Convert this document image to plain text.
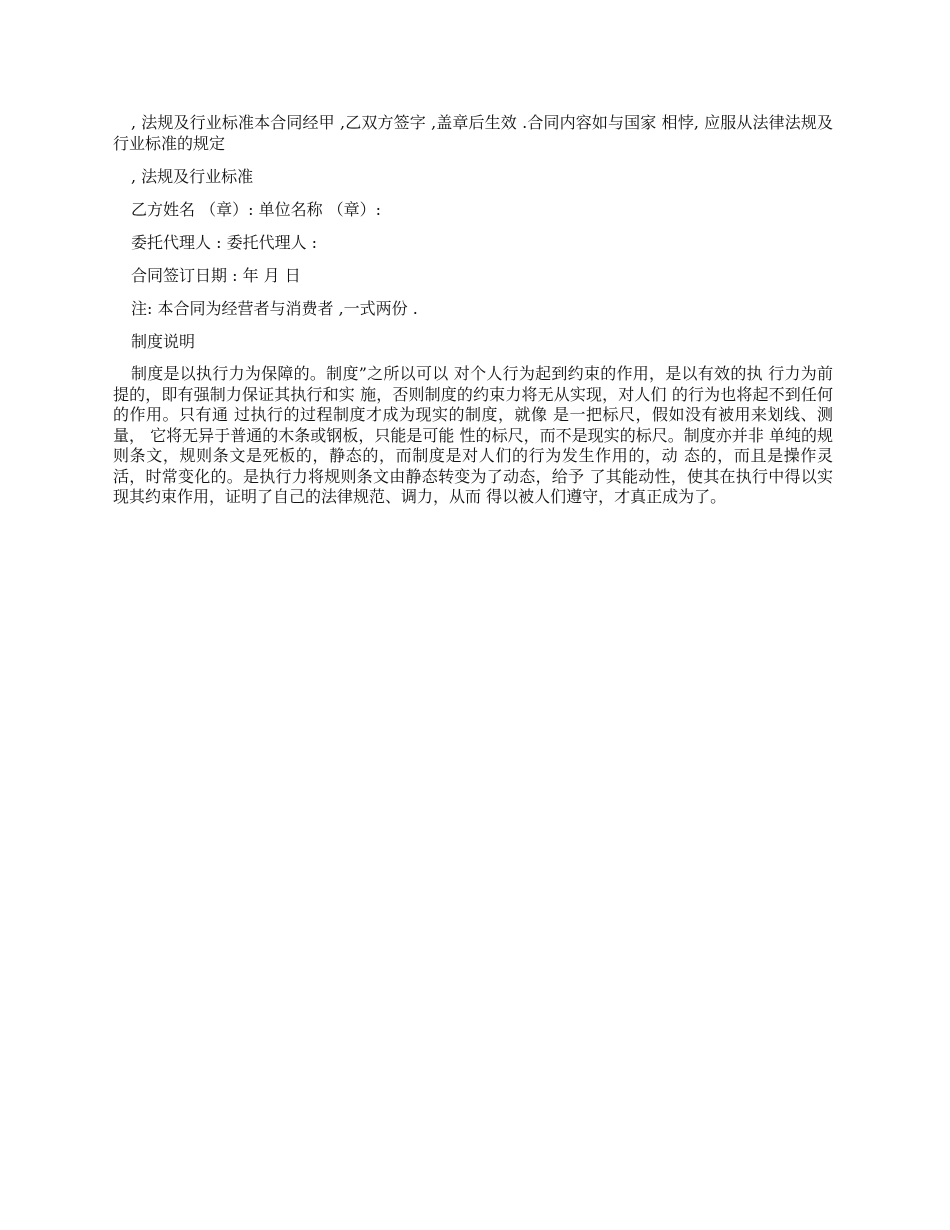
, 法规及行业标准本合同经甲 ,乙双方签字 ,盖章后生效 .合同内容如与国家 相悖, 应服从法律法规及行业标准的规定

, 法规及行业标准

乙方姓名 （章）: 单位名称 （章）:

委托代理人 : 委托代理人 :

合同签订日期 : 年 月 日

注: 本合同为经营者与消费者 ,一式两份 .

制度说明

制度是以执行力为保障的。制度”之所以可以 对个人行为起到约束的作用，是以有效的执 行力为前提的，即有强制力保证其执行和实 施，否则制度的约束力将无从实现，对人们 的行为也将起不到任何的作用。只有通 过执行的过程制度才成为现实的制度，就像 是一把标尺，假如没有被用来划线、测量， 它将无异于普通的木条或钢板，只能是可能 性的标尺，而不是现实的标尺。制度亦并非 单纯的规则条文，规则条文是死板的，静态的，而制度是对人们的行为发生作用的，动 态的，而且是操作灵活，时常变化的。是执行力将规则条文由静态转变为了动态，给予 了其能动性，使其在执行中得以实现其约束作用，证明了自己的法律规范、调力，从而 得以被人们遵守，才真正成为了。
